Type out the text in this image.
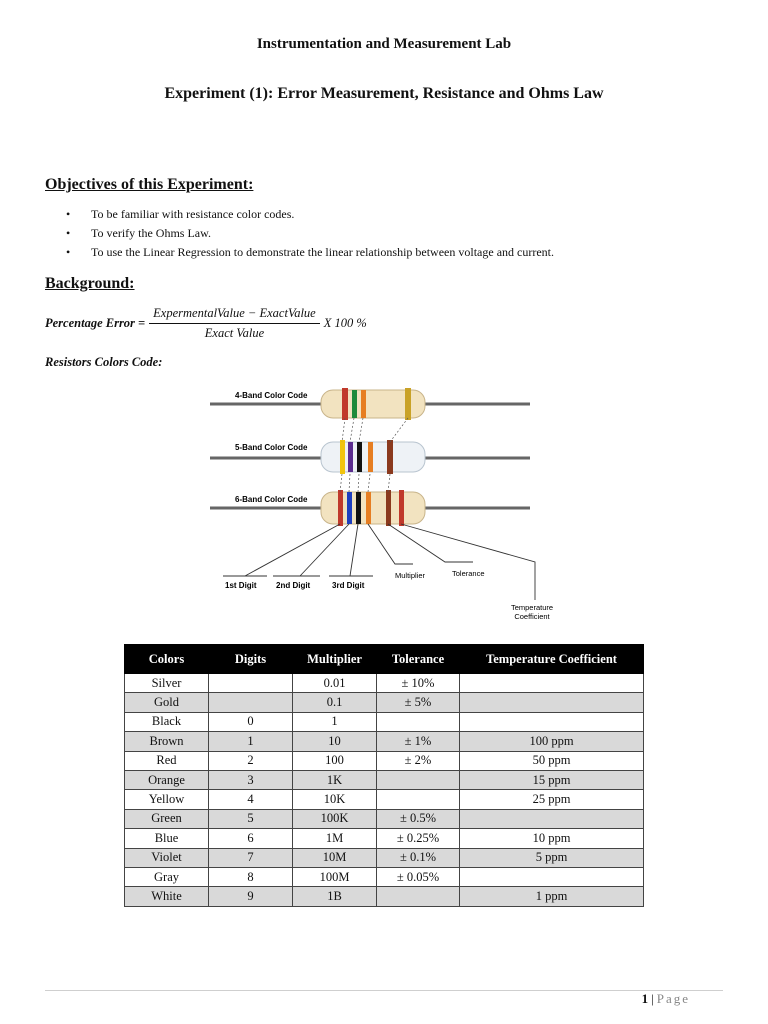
Instrumentation and Measurement Lab
Experiment (1): Error Measurement, Resistance and Ohms Law
Objectives of this Experiment:
• To be familiar with resistance color codes.
• To verify the Ohms Law.
• To use the Linear Regression to demonstrate the linear relationship between voltage and current.
Background:
Percentage Error = $\frac{\text{ExpermentalValue − ExactValue}}{\text{Exact Value}}$ X 100 %
Resistors Colors Code:
4-Band Color Code
5-Band Color Code
6-Band Color Code
1st Digit 2nd Digit	3rd Digit
Multiplier	Tolerance
Temperature
Coefficient
Colors	Digits	Multiplier	Tolerance	Temperature Coefficient
Silver		0.01	± 10%	
Gold		0.1	± 5%	
Black	0	1		
Brown	1	10	± 1%	100 ppm
Red	2	100	± 2%	50 ppm
Orange	3	1K		15 ppm
Yellow	4	10K		25 ppm
Green	5	100K	± 0.5%	
Blue	6	1M	± 0.25%	10 ppm
Violet	7	10M	± 0.1%	5 ppm
Gray	8	100M	± 0.05%	
White	9	1B		1 ppm
1 | Page
